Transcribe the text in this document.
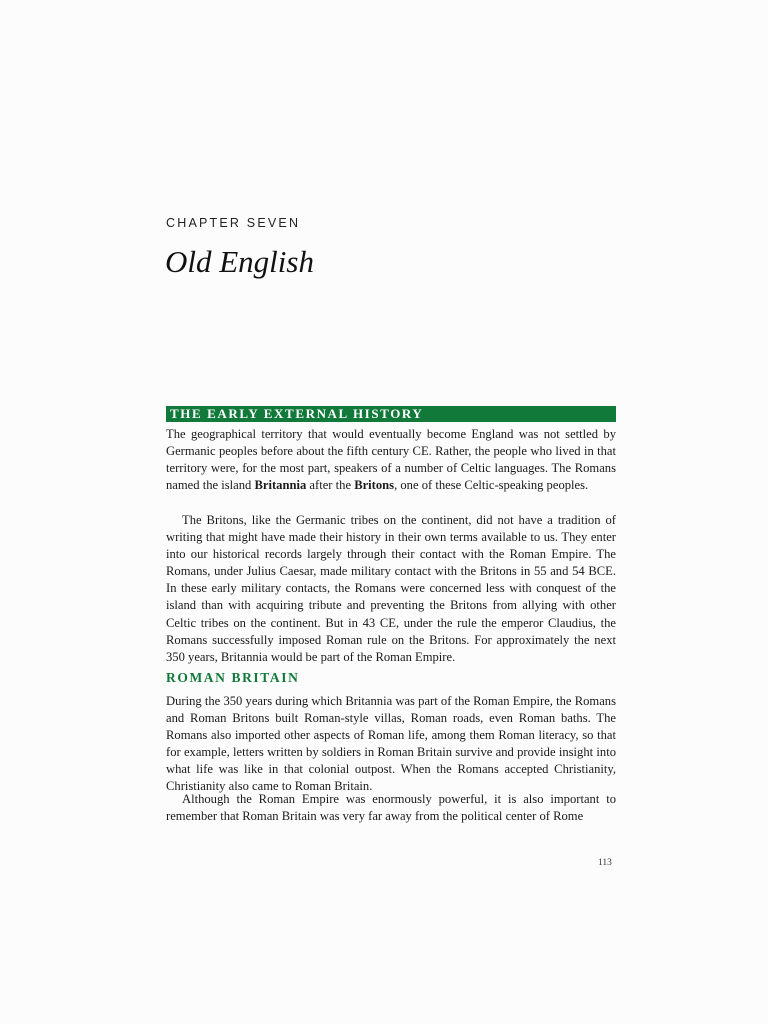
CHAPTER SEVEN
Old English
THE EARLY EXTERNAL HISTORY

The geographical territory that would eventually become England was not settled by Germanic peoples before about the fifth century CE. Rather, the people who lived in that territory were, for the most part, speakers of a number of Celtic languages. The Romans named the island Britannia after the Britons, one of these Celtic-speaking peoples.

The Britons, like the Germanic tribes on the continent, did not have a tradition of writing that might have made their history in their own terms available to us. They enter into our historical records largely through their contact with the Roman Empire. The Romans, under Julius Caesar, made military contact with the Britons in 55 and 54 BCE. In these early military contacts, the Romans were concerned less with conquest of the island than with acquiring tribute and preventing the Britons from allying with other Celtic tribes on the continent. But in 43 CE, under the rule the emperor Claudius, the Romans successfully imposed Roman rule on the Britons. For approximately the next 350 years, Britannia would be part of the Roman Empire.

ROMAN BRITAIN

During the 350 years during which Britannia was part of the Roman Empire, the Romans and Roman Britons built Roman-style villas, Roman roads, even Roman baths. The Romans also imported other aspects of Roman life, among them Roman literacy, so that for example, letters written by soldiers in Roman Britain survive and provide insight into what life was like in that colonial outpost. When the Romans accepted Christianity, Christianity also came to Roman Britain.

Although the Roman Empire was enormously powerful, it is also important to remember that Roman Britain was very far away from the political center of Rome

113
